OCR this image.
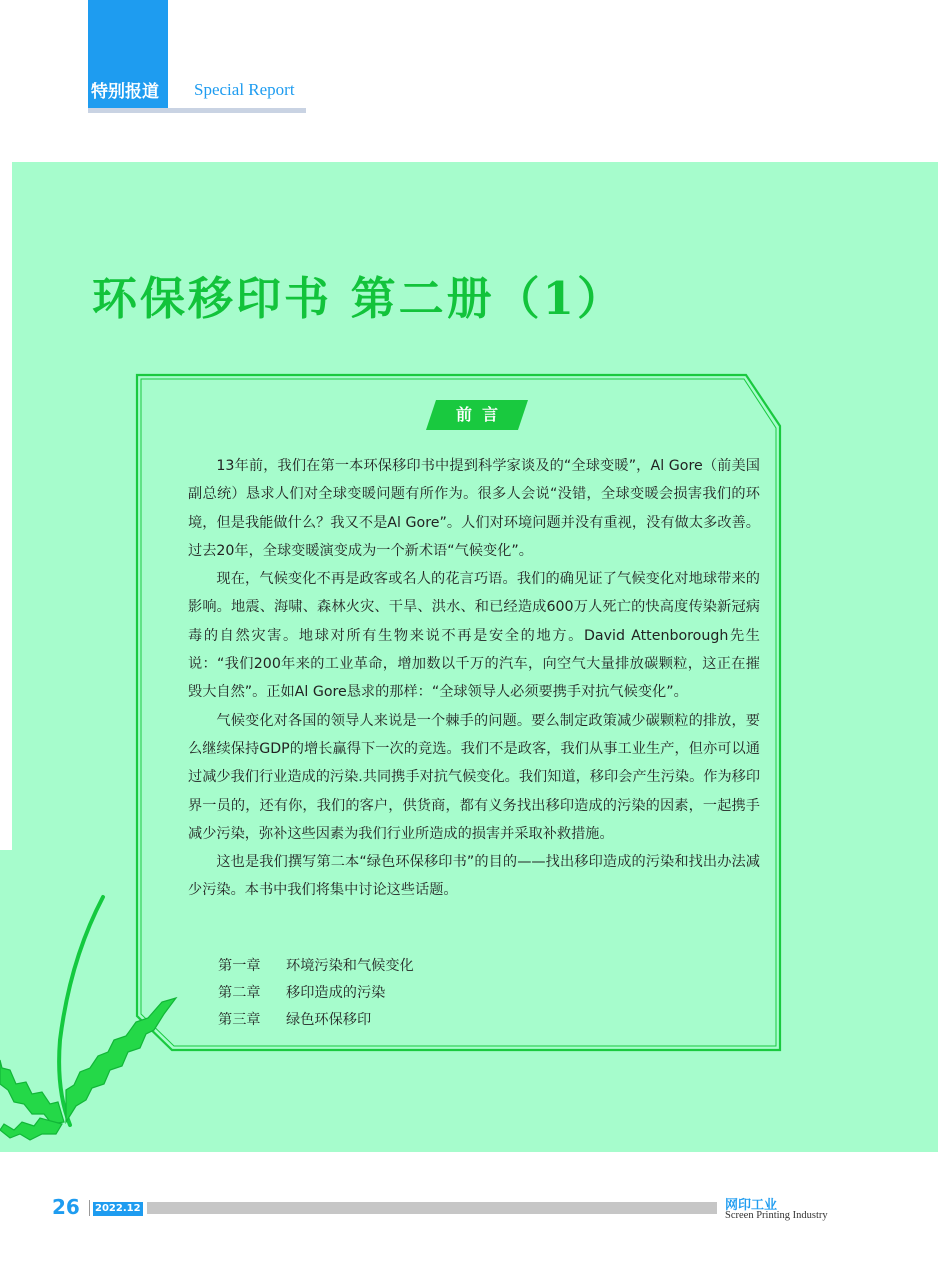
特别报道 Special Report
环保移印书 第二册（1）
前言

13年前，我们在第一本环保移印书中提到科学家谈及的“全球变暖”，Al Gore（前美国副总统）恳求人们对全球变暖问题有所作为。很多人会说“没错，全球变暖会损害我们的环境，但是我能做什么？我又不是Al Gore”。人们对环境问题并没有重视，没有做太多改善。过去20年，全球变暖演变成为一个新术语“气候变化”。

现在，气候变化不再是政客或名人的花言巧语。我们的确见证了气候变化对地球带来的影响。地震、海啸、森林火灾、干旱、洪水、和已经造成600万人死亡的快高度传染新冠病毒的自然灾害。地球对所有生物来说不再是安全的地方。David Attenborough先生说：“我们200年来的工业革命，增加数以千万的汽车，向空气大量排放碳颗粒，这正在摧毁大自然”。正如Al Gore恳求的那样：“全球领导人必须要携手对抗气候变化”。

气候变化对各国的领导人来说是一个棘手的问题。要么制定政策减少碳颗粒的排放，要么继续保持GDP的增长赢得下一次的竞选。我们不是政客，我们从事工业生产，但亦可以通过减少我们行业造成的污染.共同携手对抗气候变化。我们知道，移印会产生污染。作为移印界一员的，还有你，我们的客户，供货商，都有义务找出移印造成的污染的因素，一起携手减少污染，弥补这些因素为我们行业所造成的损害并采取补救措施。

这也是我们撰写第二本“绿色环保移印书”的目的——找出移印造成的污染和找出办法减少污染。本书中我们将集中讨论这些话题。

第一章 环境污染和气候变化
第二章 移印造成的污染
第三章 绿色环保移印
26 2022.12	网印工业
Screen Printing Industry
